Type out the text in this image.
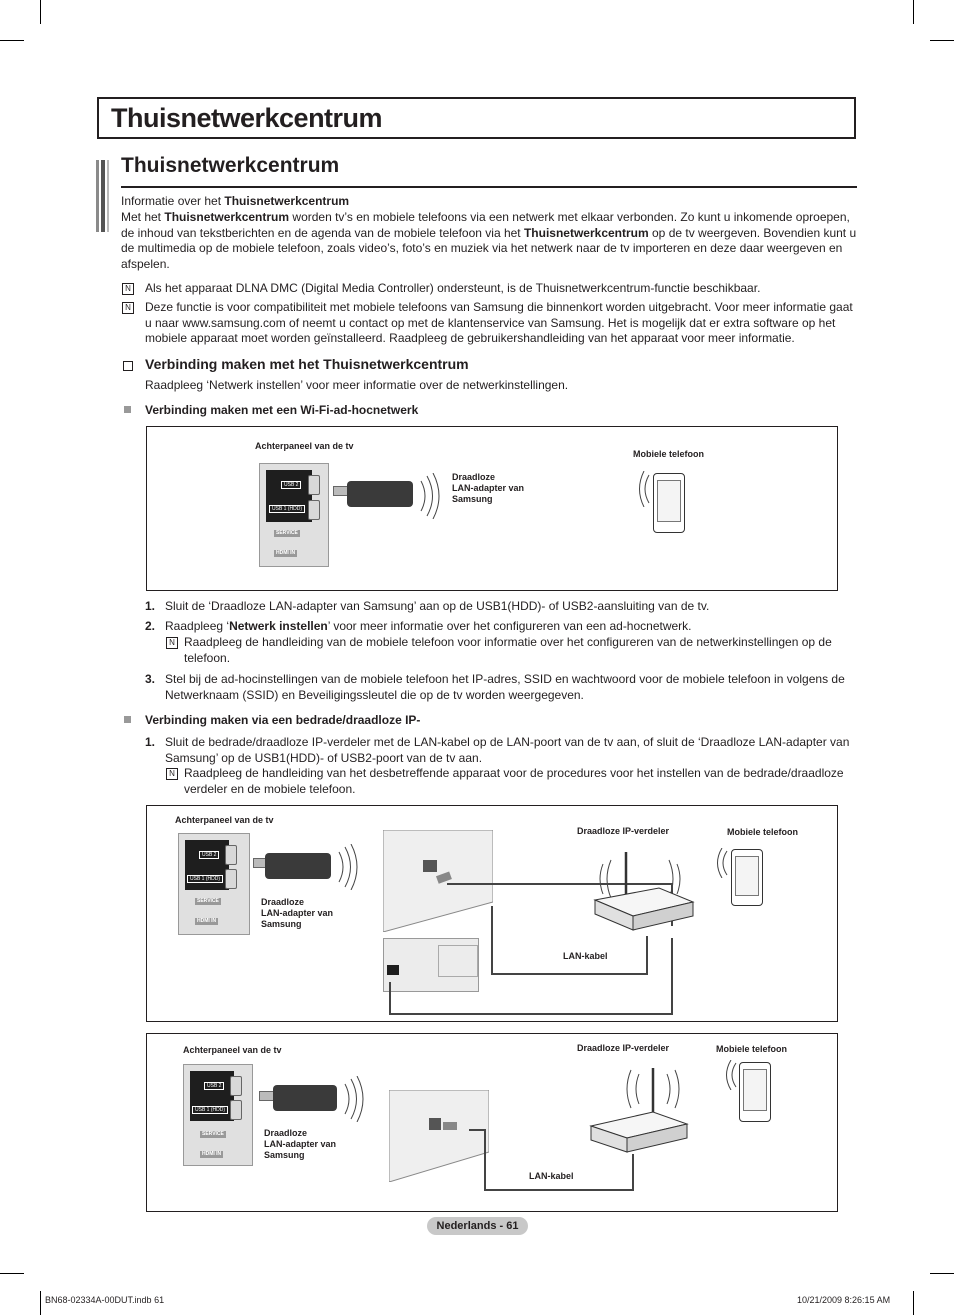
Thuisnetwerkcentrum
Thuisnetwerkcentrum
Informatie over het Thuisnetwerkcentrum
Met het Thuisnetwerkcentrum worden tv’s en mobiele telefoons via een netwerk met elkaar verbonden. Zo kunt u inkomende oproepen, de inhoud van tekstberichten en de agenda van de mobiele telefoon via het Thuisnetwerkcentrum op de tv weergeven. Bovendien kunt u de multimedia op de mobiele telefoon, zoals video’s, foto’s en muziek via het netwerk naar de tv importeren en deze daar weergeven en afspelen.
N Als het apparaat DLNA DMC (Digital Media Controller) ondersteunt, is de Thuisnetwerkcentrum-functie beschikbaar.
N Deze functie is voor compatibiliteit met mobiele telefoons van Samsung die binnenkort worden uitgebracht. Voor meer informatie gaat u naar www.samsung.com of neemt u contact op met de klantenservice van Samsung. Het is mogelijk dat er extra software op het mobiele apparaat moet worden geïnstalleerd. Raadpleeg de gebruikershandleiding van het apparaat voor meer informatie.
Verbinding maken met het Thuisnetwerkcentrum
Raadpleeg ‘Netwerk instellen’ voor meer informatie over de netwerkinstellingen.
Verbinding maken met een Wi-Fi-ad-hocnetwerk
Achterpaneel van de tv
USB 2
USB 1 (HDD)
SERVICE
HDMI IN
Draadloze
LAN-adapter van
Samsung
Mobiele telefoon
1. Sluit de ‘Draadloze LAN-adapter van Samsung’ aan op de USB1(HDD)- of USB2-aansluiting van de tv.
2. Raadpleeg ‘Netwerk instellen’ voor meer informatie over het configureren van een ad-hocnetwerk.
N Raadpleeg de handleiding van de mobiele telefoon voor informatie over het configureren van de netwerkinstellingen op de telefoon.
3. Stel bij de ad-hocinstellingen van de mobiele telefoon het IP-adres, SSID en wachtwoord voor de mobiele telefoon in volgens de Netwerknaam (SSID) en Beveiligingssleutel die op de tv worden weergegeven.
Verbinding maken via een bedrade/draadloze IP-
1. Sluit de bedrade/draadloze IP-verdeler met de LAN-kabel op de LAN-poort van de tv aan, of sluit de ‘Draadloze LAN-adapter van Samsung’ op de USB1(HDD)- of USB2-poort van de tv aan.
N Raadpleeg de handleiding van het desbetreffende apparaat voor de procedures voor het instellen van de bedrade/draadloze verdeler en de mobiele telefoon.
Achterpaneel van de tv
USB 2
USB 1 (HDD)
SERVICE
HDMI IN
Draadloze
LAN-adapter van
Samsung
Draadloze IP-verdeler
LAN-kabel
Mobiele telefoon
Achterpaneel van de tv
USB 2
USB 1 (HDD)
SERVICE
HDMI IN
Draadloze
LAN-adapter van
Samsung
Draadloze IP-verdeler
LAN-kabel
Mobiele telefoon
Nederlands - 61
BN68-02334A-00DUT.indb 61	10/21/2009 8:26:15 AM
